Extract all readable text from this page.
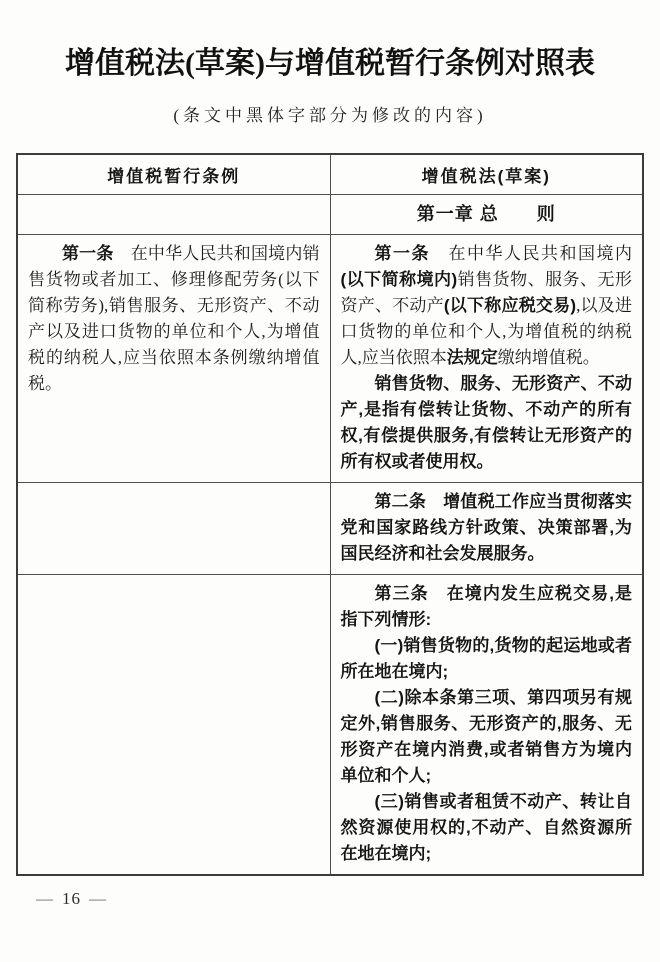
增值税法(草案)与增值税暂行条例对照表
(条文中黑体字部分为修改的内容)
增值税暂行条例	增值税法(草案)

	第一章 总　　则

第一条　在中华人民共和国境内销售货物或者加工、修理修配劳务(以下简称劳务),销售服务、无形资产、不动产以及进口货物的单位和个人,为增值税的纳税人,应当依照本条例缴纳增值税。	第一条　在中华人民共和国境内(以下简称境内)销售货物、服务、无形资产、不动产(以下称应税交易),以及进口货物的单位和个人,为增值税的纳税人,应当依照本法规定缴纳增值税。

销售货物、服务、无形资产、不动产,是指有偿转让货物、不动产的所有权,有偿提供服务,有偿转让无形资产的所有权或者使用权。

	第二条　增值税工作应当贯彻落实党和国家路线方针政策、决策部署,为国民经济和社会发展服务。

	第三条　在境内发生应税交易,是指下列情形:

(一)销售货物的,货物的起运地或者所在地在境内;

(二)除本条第三项、第四项另有规定外,销售服务、无形资产的,服务、无形资产在境内消费,或者销售方为境内单位和个人;

(三)销售或者租赁不动产、转让自然资源使用权的,不动产、自然资源所在地在境内;

— 16 —
